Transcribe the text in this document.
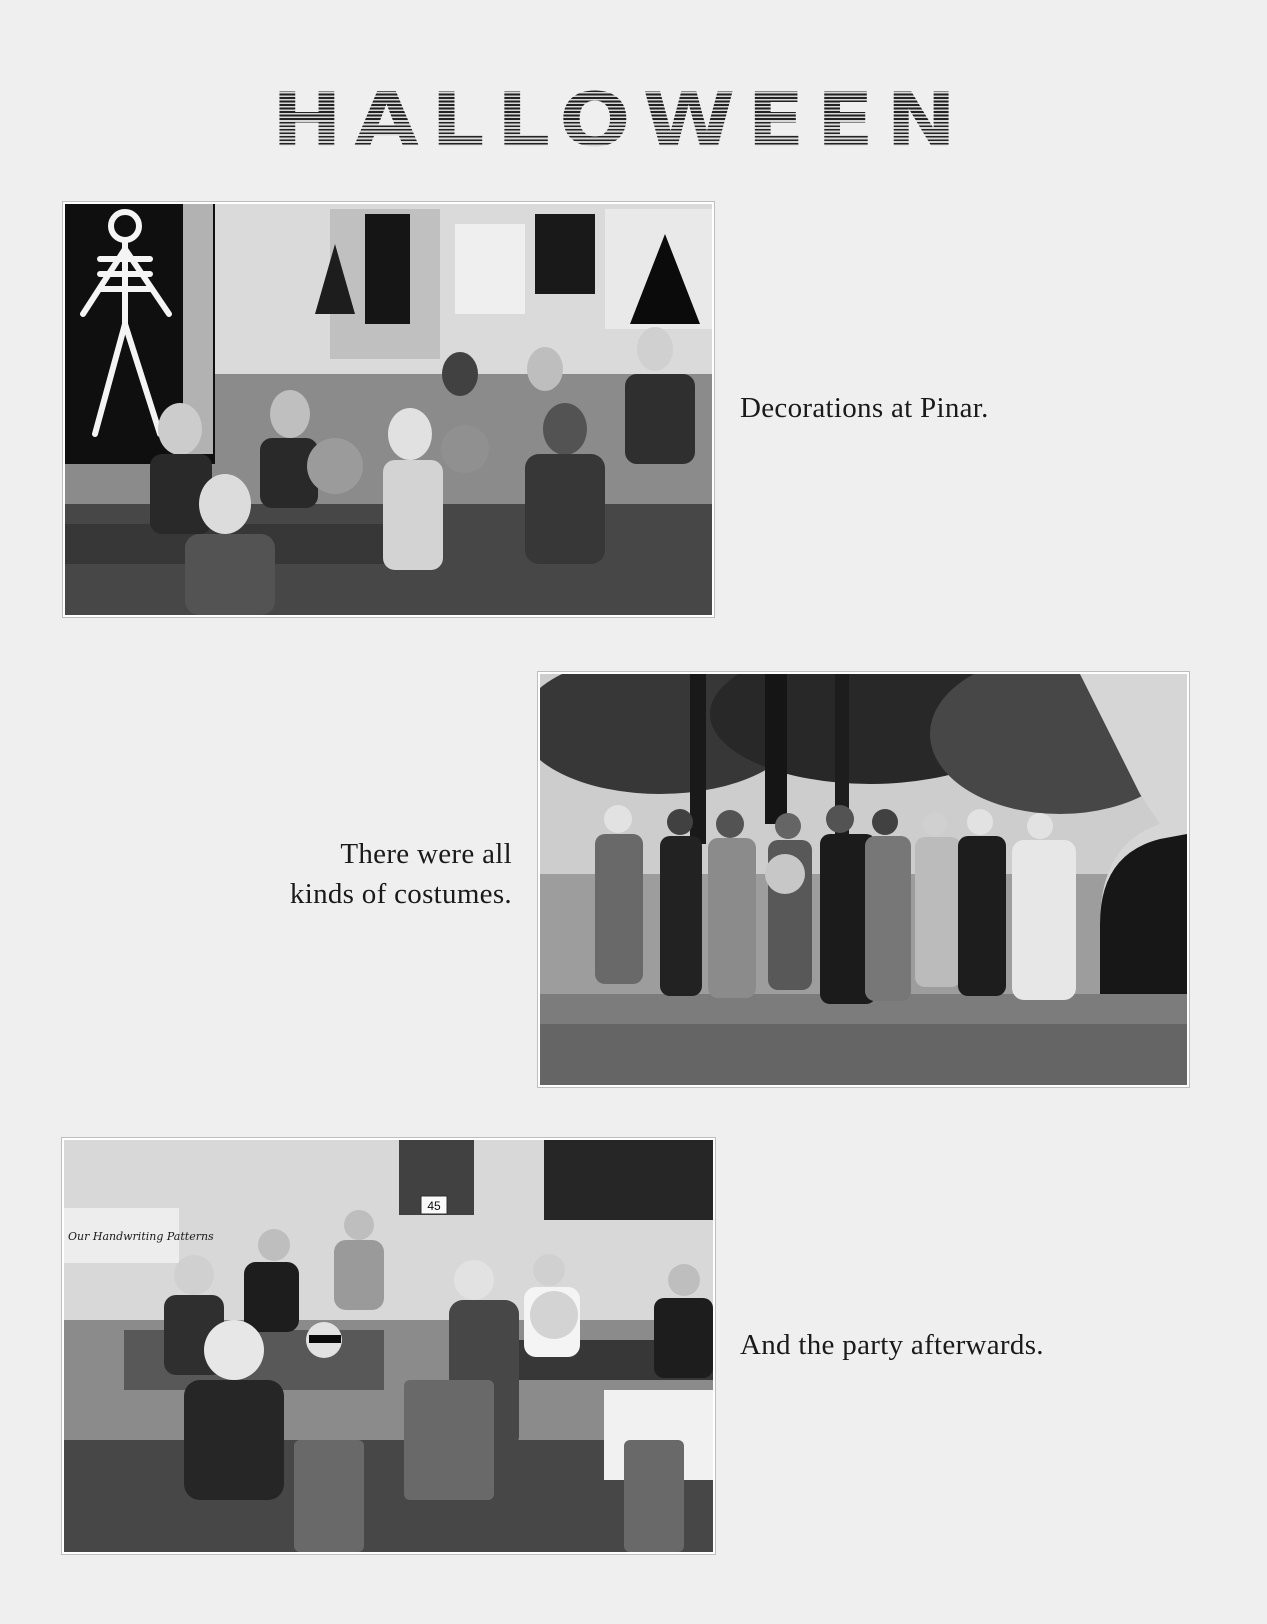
HALLOWEEN
Decorations at Pinar.
There were all
kinds of costumes.
45
Our Handwriting Patterns
And the party afterwards.
